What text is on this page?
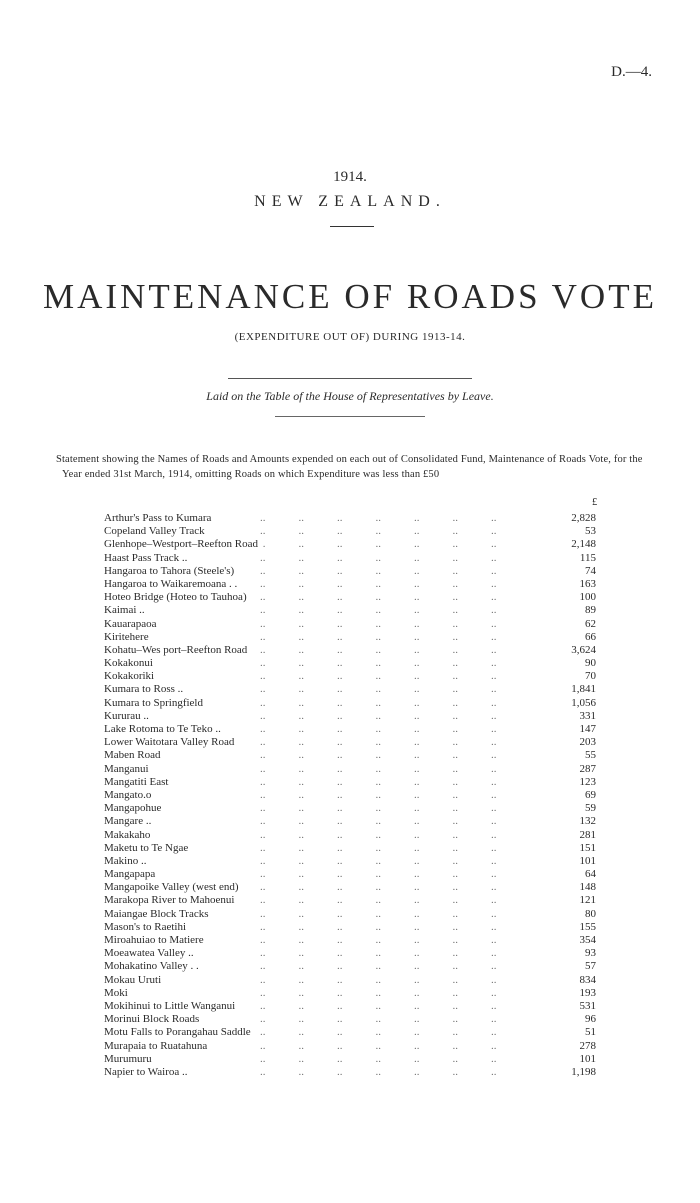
D.—4.
1914.
NEW ZEALAND.
MAINTENANCE OF ROADS VOTE
(EXPENDITURE OUT OF) DURING 1913-14.
Laid on the Table of the House of Representatives by Leave.
Statement showing the Names of Roads and Amounts expended on each out of Consolidated Fund, Maintenance of Roads Vote, for the Year ended 31st March, 1914, omitting Roads on which Expenditure was less than £50
£
..
Arthur's Pass to Kumara	2,828
..
Copeland Valley Track	53
..
Glenhope–Westport–Reefton Road	2,148
..
Haast Pass Track ..	115
..
Hangaroa to Tahora (Steele's)	74
..
Hangaroa to Waikaremoana . .	163
..
Hoteo Bridge (Hoteo to Tauhoa)	100
..
Kaimai ..	89
..
Kauarapaoa	62
..
Kiritehere	66
..
Kohatu–Wes port–Reefton Road	3,624
..
Kokakonui	90
..
Kokakoriki	70
..
Kumara to Ross ..	1,841
..
Kumara to Springfield	1,056
..
Kururau ..	331
..
Lake Rotoma to Te Teko ..	147
..
Lower Waitotara Valley Road	203
..
Maben Road	55
..
Manganui	287
..
Mangatiti East	123
..
Mangato.o	69
..
Mangapohue	59
..
Mangare ..	132
..
Makakaho	281
..
Maketu to Te Ngae	151
..
Makino ..	101
..
Mangapapa	64
..
Mangapoike Valley (west end)	148
..
Marakopa River to Mahoenui	121
..
Maiangae Block Tracks	80
..
Mason's to Raetihi	155
..
Miroahuiao to Matiere	354
..
Moeawatea Valley ..	93
..
Mohakatino Valley . .	57
..
Mokau Uruti	834
..
Moki	193
..
Mokihinui to Little Wanganui	531
..
Morinui Block Roads	96
..
Motu Falls to Porangahau Saddle	51
..
Murapaia to Ruatahuna	278
..
Murumuru	101
..
Napier to Wairoa ..	1,198
